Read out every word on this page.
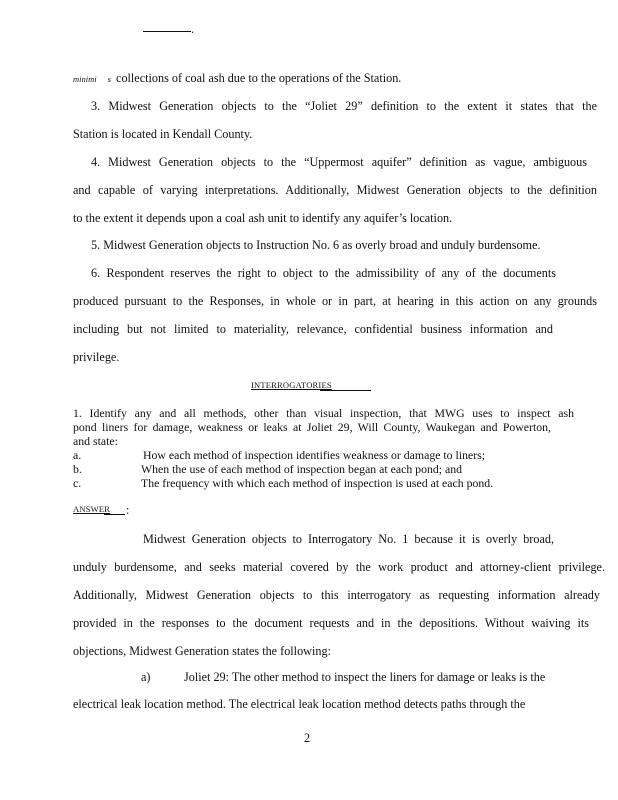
.
minimi s collections of coal ash due to the operations of the Station.
3. Midwest Generation objects to the “Joliet 29” definition to the extent it states that the
Station is located in Kendall County.
4. Midwest Generation objects to the “Uppermost aquifer” definition as vague, ambiguous
and capable of varying interpretations. Additionally, Midwest Generation objects to the definition
to the extent it depends upon a coal ash unit to identify any aquifer’s location.
5. Midwest Generation objects to Instruction No. 6 as overly broad and unduly burdensome.
6. Respondent reserves the right to object to the admissibility of any of the documents
produced pursuant to the Responses, in whole or in part, at hearing in this action on any grounds
including but not limited to materiality, relevance, confidential business information and
privilege.
INTERROGATORIES
1. Identify any and all methods, other than visual inspection, that MWG uses to inspect ash
pond liners for damage, weakness or leaks at Joliet 29, Will County, Waukegan and Powerton,
and state:
a.	How each method of inspection identifies weakness or damage to liners;
b.	When the use of each method of inspection began at each pond; and
c.	The frequency with which each method of inspection is used at each pond.
ANSWER :
Midwest Generation objects to Interrogatory No. 1 because it is overly broad,
unduly burdensome, and seeks material covered by the work product and attorney-client privilege.
Additionally, Midwest Generation objects to this interrogatory as requesting information already
provided in the responses to the document requests and in the depositions. Without waiving its
objections, Midwest Generation states the following:
a)	Joliet 29: The other method to inspect the liners for damage or leaks is the
electrical leak location method. The electrical leak location method detects paths through the
2
